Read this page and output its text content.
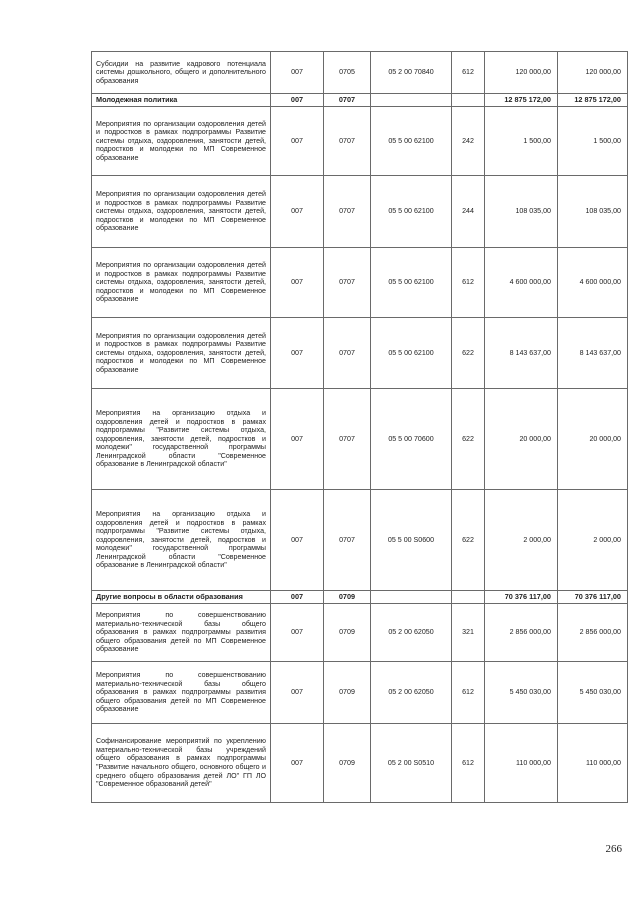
Субсидии на развитие кадрового потенциала системы дошкольного, общего и дополнительного образования	007	0705	05 2 00 70840	612	120 000,00	120 000,00
Молодежная политика	007	0707			12 875 172,00	12 875 172,00
Мероприятия по организации оздоровления детей и подростков в рамках подпрограммы Развитие системы отдыха, оздоровления, занятости детей, подростков и молодежи по МП Современное образование	007	0707	05 5 00 62100	242	1 500,00	1 500,00
Мероприятия по организации оздоровления детей и подростков в рамках подпрограммы Развитие системы отдыха, оздоровления, занятости детей, подростков и молодежи по МП Современное образование	007	0707	05 5 00 62100	244	108 035,00	108 035,00
Мероприятия по организации оздоровления детей и подростков в рамках подпрограммы Развитие системы отдыха, оздоровления, занятости детей, подростков и молодежи по МП Современное образование	007	0707	05 5 00 62100	612	4 600 000,00	4 600 000,00
Мероприятия по организации оздоровления детей и подростков в рамках подпрограммы Развитие системы отдыха, оздоровления, занятости детей, подростков и молодежи по МП Современное образование	007	0707	05 5 00 62100	622	8 143 637,00	8 143 637,00
Мероприятия на организацию отдыха и оздоровления детей и подростков в рамках подпрограммы "Развитие системы отдыха, оздоровления, занятости детей, подростков и молодежи" государственной программы Ленинградской области "Современное образование в Ленинградской области"	007	0707	05 5 00 70600	622	20 000,00	20 000,00
Мероприятия на организацию отдыха и оздоровления детей и подростков в рамках подпрограммы "Развитие системы отдыха, оздоровления, занятости детей, подростков и молодежи" государственной программы Ленинградской области "Современное образование в Ленинградской области"	007	0707	05 5 00 S0600	622	2 000,00	2 000,00
Другие вопросы в области образования	007	0709			70 376 117,00	70 376 117,00
Мероприятия по совершенствованию материально-технической базы общего образования в рамках подпрограммы развития общего образования детей по МП Современное образование	007	0709	05 2 00 62050	321	2 856 000,00	2 856 000,00
Мероприятия по совершенствованию материально-технической базы общего образования в рамках подпрограммы развития общего образования детей по МП Современное образование	007	0709	05 2 00 62050	612	5 450 030,00	5 450 030,00
Софинансирование мероприятий по укреплению материально-технической базы учреждений общего образования в рамках подпрограммы "Развитие начального общего, основного общего и среднего общего образования детей ЛО" ГП ЛО "Современное образований детей"	007	0709	05 2 00 S0510	612	110 000,00	110 000,00
266
